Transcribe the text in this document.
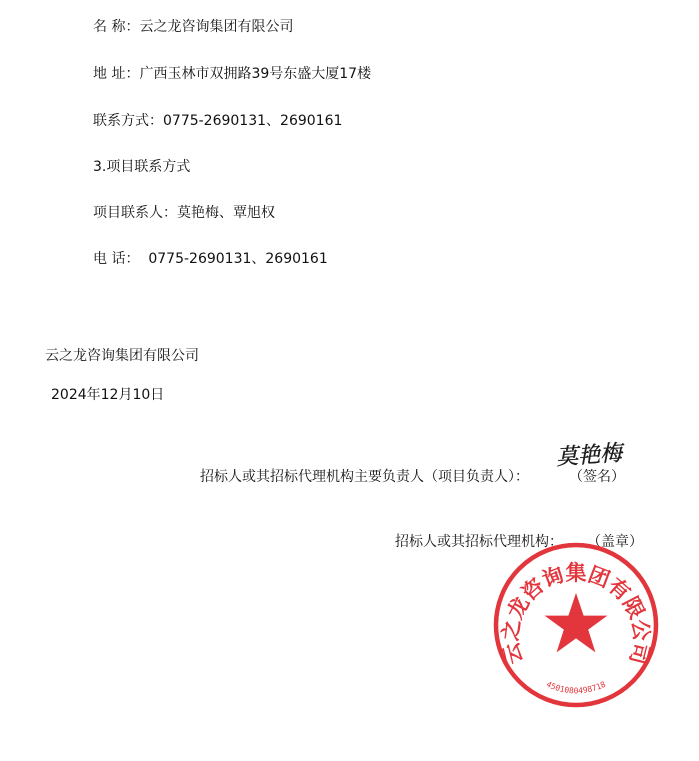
名 称：云之龙咨询集团有限公司
地 址：广西玉林市双拥路39号东盛大厦17楼
联系方式：0775-2690131、2690161
3.项目联系方式
项目联系人：莫艳梅、覃旭权
电 话： 0775-2690131、2690161
云之龙咨询集团有限公司
2024年12月10日
莫艳梅
招标人或其招标代理机构主要负责人（项目负责人）：	（签名）
招标人或其招标代理机构： （盖章）
云之龙咨询集团有限公司
4501080498718
